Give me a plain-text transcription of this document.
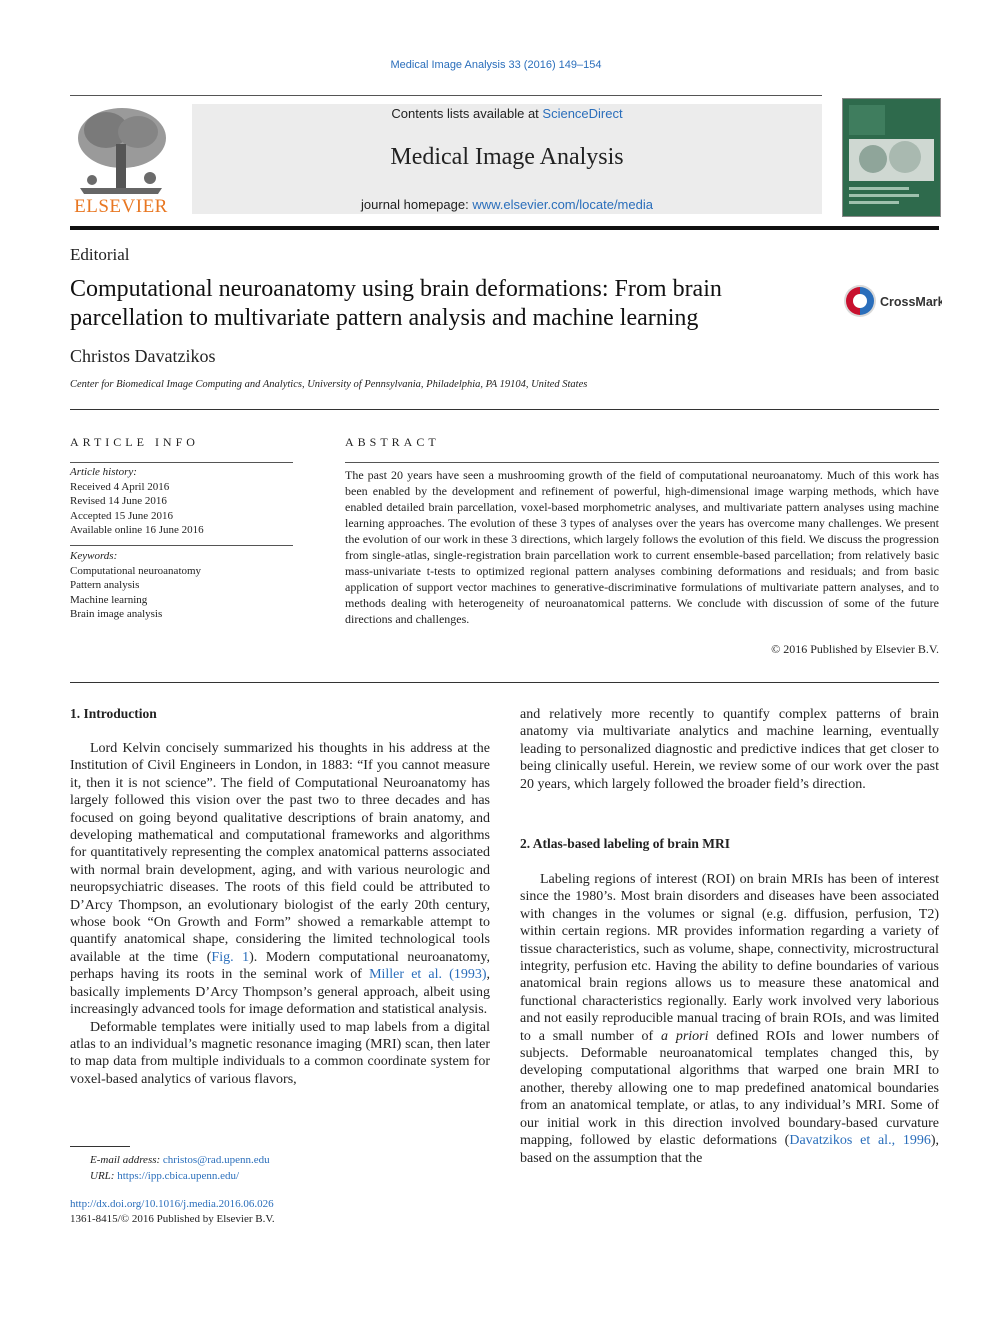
Medical Image Analysis 33 (2016) 149–154
ELSEVIER
Contents lists available at ScienceDirect
Medical Image Analysis
journal homepage: www.elsevier.com/locate/media
Editorial
Computational neuroanatomy using brain deformations: From brain parcellation to multivariate pattern analysis and machine learning
CrossMark
Christos Davatzikos
Center for Biomedical Image Computing and Analytics, University of Pennsylvania, Philadelphia, PA 19104, United States
ARTICLE INFO
Article history:
Received 4 April 2016
Revised 14 June 2016
Accepted 15 June 2016
Available online 16 June 2016
Keywords:
Computational neuroanatomy
Pattern analysis
Machine learning
Brain image analysis
ABSTRACT
The past 20 years have seen a mushrooming growth of the field of computational neuroanatomy. Much of this work has been enabled by the development and refinement of powerful, high-dimensional image warping methods, which have enabled detailed brain parcellation, voxel-based morphometric analyses, and multivariate pattern analyses using machine learning approaches. The evolution of these 3 types of analyses over the years has overcome many challenges. We present the evolution of our work in these 3 directions, which largely follows the evolution of this field. We discuss the progression from single-atlas, single-registration brain parcellation work to current ensemble-based parcellation; from relatively basic mass-univariate t-tests to optimized regional pattern analyses combining deformations and residuals; and from basic application of support vector machines to generative-discriminative formulations of multivariate pattern analyses, and to methods dealing with heterogeneity of neuroanatomical patterns. We conclude with discussion of some of the future directions and challenges.
© 2016 Published by Elsevier B.V.
1. Introduction

Lord Kelvin concisely summarized his thoughts in his address at the Institution of Civil Engineers in London, in 1883: “If you cannot measure it, then it is not science”. The field of Computational Neuroanatomy has largely followed this vision over the past two to three decades and has focused on going beyond qualitative descriptions of brain anatomy, and developing mathematical and computational frameworks and algorithms for quantitatively representing the complex anatomical patterns associated with normal brain development, aging, and with various neurologic and neuropsychiatric diseases. The roots of this field could be attributed to D’Arcy Thompson, an evolutionary biologist of the early 20th century, whose book “On Growth and Form” showed a remarkable attempt to quantify anatomical shape, considering the limited technological tools available at the time (Fig. 1). Modern computational neuroanatomy, perhaps having its roots in the seminal work of Miller et al. (1993), basically implements D’Arcy Thompson’s general approach, albeit using increasingly advanced tools for image deformation and statistical analysis.

Deformable templates were initially used to map labels from a digital atlas to an individual’s magnetic resonance imaging (MRI) scan, then later to map data from multiple individuals to a common coordinate system for voxel-based analytics of various flavors,

and relatively more recently to quantify complex patterns of brain anatomy via multivariate analytics and machine learning, eventually leading to personalized diagnostic and predictive indices that get closer to being clinically useful. Herein, we review some of our work over the past 20 years, which largely followed the broader field’s direction.

2. Atlas-based labeling of brain MRI

Labeling regions of interest (ROI) on brain MRIs has been of interest since the 1980’s. Most brain disorders and diseases have been associated with changes in the volumes or signal (e.g. diffusion, perfusion, T2) within certain regions. MR provides information regarding a variety of tissue characteristics, such as volume, shape, connectivity, microstructural integrity, perfusion etc. Having the ability to define boundaries of various anatomical brain regions allows us to measure these anatomical and functional characteristics regionally. Early work involved very laborious and not easily reproducible manual tracing of brain ROIs, and was limited to a small number of a priori defined ROIs and lower numbers of subjects. Deformable neuroanatomical templates changed this, by developing computational algorithms that warped one brain MRI to another, thereby allowing one to map predefined anatomical boundaries from an anatomical template, or atlas, to any individual’s MRI. Some of our initial work in this direction involved boundary-based curvature mapping, followed by elastic deformations (Davatzikos et al., 1996), based on the assumption that the

E-mail address: christos@rad.upenn.edu
URL: https://ipp.cbica.upenn.edu/
http://dx.doi.org/10.1016/j.media.2016.06.026
1361-8415/© 2016 Published by Elsevier B.V.
